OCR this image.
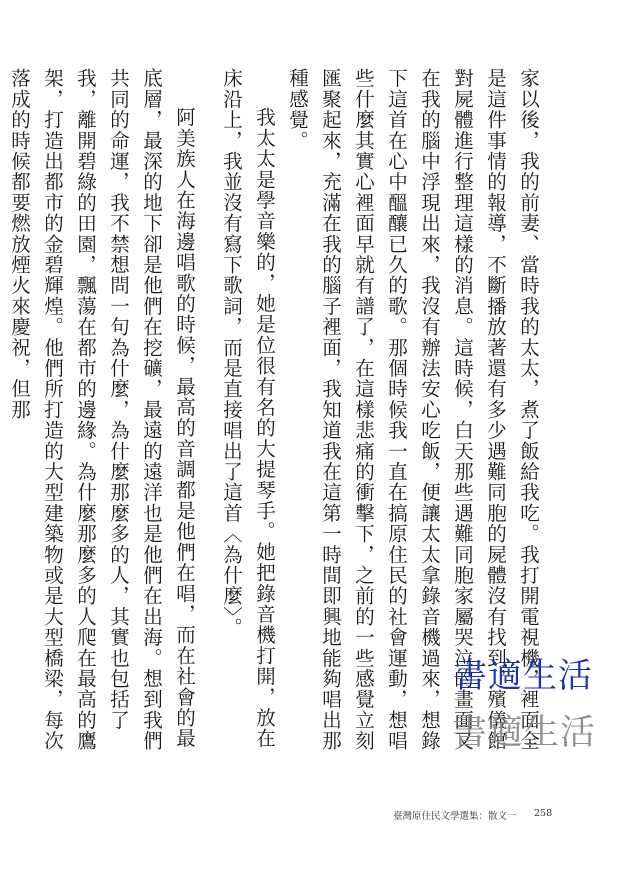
家以後，我的前妻、當時我的太太，煮了飯給我吃。我打開電視機，裡面全是這件事情的報導，不斷播放著還有多少遇難同胞的屍體沒有找到，殯儀館對屍體進行整理這樣的消息。這時候，白天那些遇難同胞家屬哭泣的畫面又在我的腦中浮現出來，我沒有辦法安心吃飯，便讓太太拿錄音機過來，想錄下這首在心中醞釀已久的歌。那個時候我一直在搞原住民的社會運動，想唱些什麼其實心裡面早就有譜了，在這樣悲痛的衝擊下，之前的一些感覺立刻匯聚起來，充滿在我的腦子裡面，我知道我在這第一時間即興地能夠唱出那種感覺。

我太太是學音樂的，她是位很有名的大提琴手。她把錄音機打開，放在床沿上，我並沒有寫下歌詞，而是直接唱出了這首〈為什麼〉。

阿美族人在海邊唱歌的時候，最高的音調都是他們在唱，而在社會的最底層，最深的地下卻是他們在挖礦，最遠的遠洋也是他們在出海。想到我們共同的命運，我不禁想問一句為什麼，為什麼那麼多的人，其實也包括了我，離開碧綠的田園，飄蕩在都市的邊緣。為什麼那麼多的人爬在最高的鷹架，打造出都市的金碧輝煌。他們所打造的大型建築物或是大型橋梁，每次落成的時候都要燃放煙火來慶祝，但那

書適生活
書適生活
臺灣原住民文學選集：散文一 258
